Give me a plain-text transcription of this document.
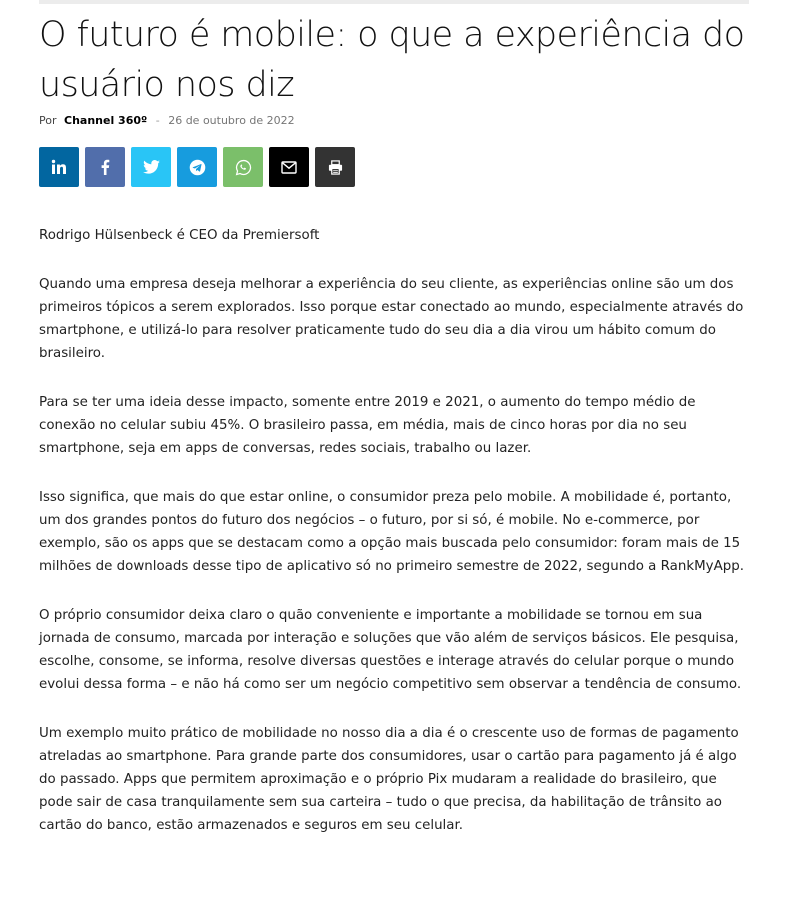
O futuro é mobile: o que a experiência do usuário nos diz
Por Channel 360º - 26 de outubro de 2022

Rodrigo Hülsenbeck é CEO da Premiersoft

Quando uma empresa deseja melhorar a experiência do seu cliente, as experiências online são um dos primeiros tópicos a serem explorados. Isso porque estar conectado ao mundo, especialmente através do smartphone, e utilizá-lo para resolver praticamente tudo do seu dia a dia virou um hábito comum do brasileiro.

Para se ter uma ideia desse impacto, somente entre 2019 e 2021, o aumento do tempo médio de conexão no celular subiu 45%. O brasileiro passa, em média, mais de cinco horas por dia no seu smartphone, seja em apps de conversas, redes sociais, trabalho ou lazer.

Isso significa, que mais do que estar online, o consumidor preza pelo mobile. A mobilidade é, portanto, um dos grandes pontos do futuro dos negócios – o futuro, por si só, é mobile. No e-commerce, por exemplo, são os apps que se destacam como a opção mais buscada pelo consumidor: foram mais de 15 milhões de downloads desse tipo de aplicativo só no primeiro semestre de 2022, segundo a RankMyApp.

O próprio consumidor deixa claro o quão conveniente e importante a mobilidade se tornou em sua jornada de consumo, marcada por interação e soluções que vão além de serviços básicos. Ele pesquisa, escolhe, consome, se informa, resolve diversas questões e interage através do celular porque o mundo evolui dessa forma – e não há como ser um negócio competitivo sem observar a tendência de consumo.

Um exemplo muito prático de mobilidade no nosso dia a dia é o crescente uso de formas de pagamento atreladas ao smartphone. Para grande parte dos consumidores, usar o cartão para pagamento já é algo do passado. Apps que permitem aproximação e o próprio Pix mudaram a realidade do brasileiro, que pode sair de casa tranquilamente sem sua carteira – tudo o que precisa, da habilitação de trânsito ao cartão do banco, estão armazenados e seguros em seu celular.
